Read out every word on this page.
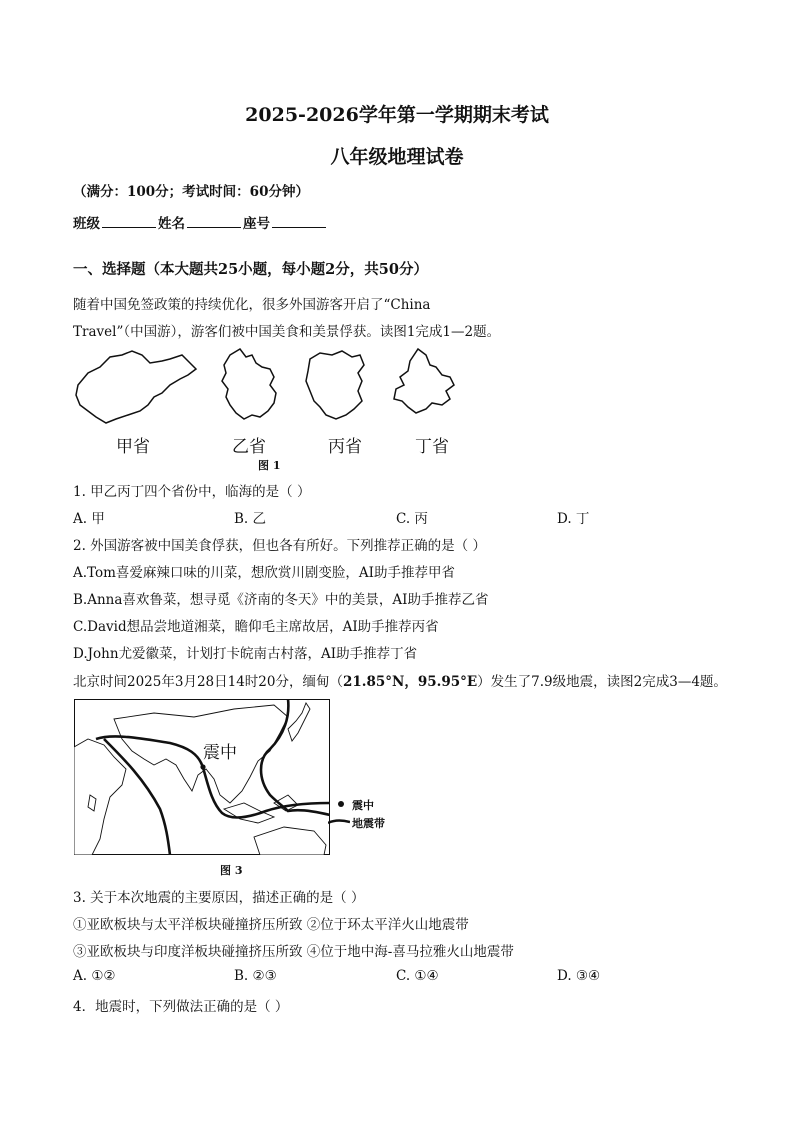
2025-2026学年第一学期期末考试
八年级地理试卷
（满分：100分；考试时间：60分钟）
班级	姓名	座号
一、选择题（本大题共25小题，每小题2分，共50分）
随着中国免签政策的持续优化，很多外国游客开启了“China
Travel”（中国游），游客们被中国美食和美景俘获。读图1完成1—2题。
甲省	乙省	丙省	丁省
图 1
1. 甲乙丙丁四个省份中，临海的是（ ）
A. 甲	B. 乙	C. 丙	D. 丁
2. 外国游客被中国美食俘获，但也各有所好。下列推荐正确的是（ ）
A.Tom喜爱麻辣口味的川菜，想欣赏川剧变脸，AI助手推荐甲省
B.Anna喜欢鲁菜，想寻觅《济南的冬天》中的美景，AI助手推荐乙省
C.David想品尝地道湘菜，瞻仰毛主席故居，AI助手推荐丙省
D.John尤爱徽菜，计划打卡皖南古村落，AI助手推荐丁省
北京时间2025年3月28日14时20分，缅甸（21.85°N，95.95°E）发生了7.9级地震，读图2完成3—4题。
震中
震中
地震带
图 3
3. 关于本次地震的主要原因，描述正确的是（ ）
①亚欧板块与太平洋板块碰撞挤压所致 ②位于环太平洋火山地震带
③亚欧板块与印度洋板块碰撞挤压所致 ④位于地中海-喜马拉雅火山地震带
A. ①②	B. ②③	C. ①④	D. ③④
4．地震时，下列做法正确的是（ ）
